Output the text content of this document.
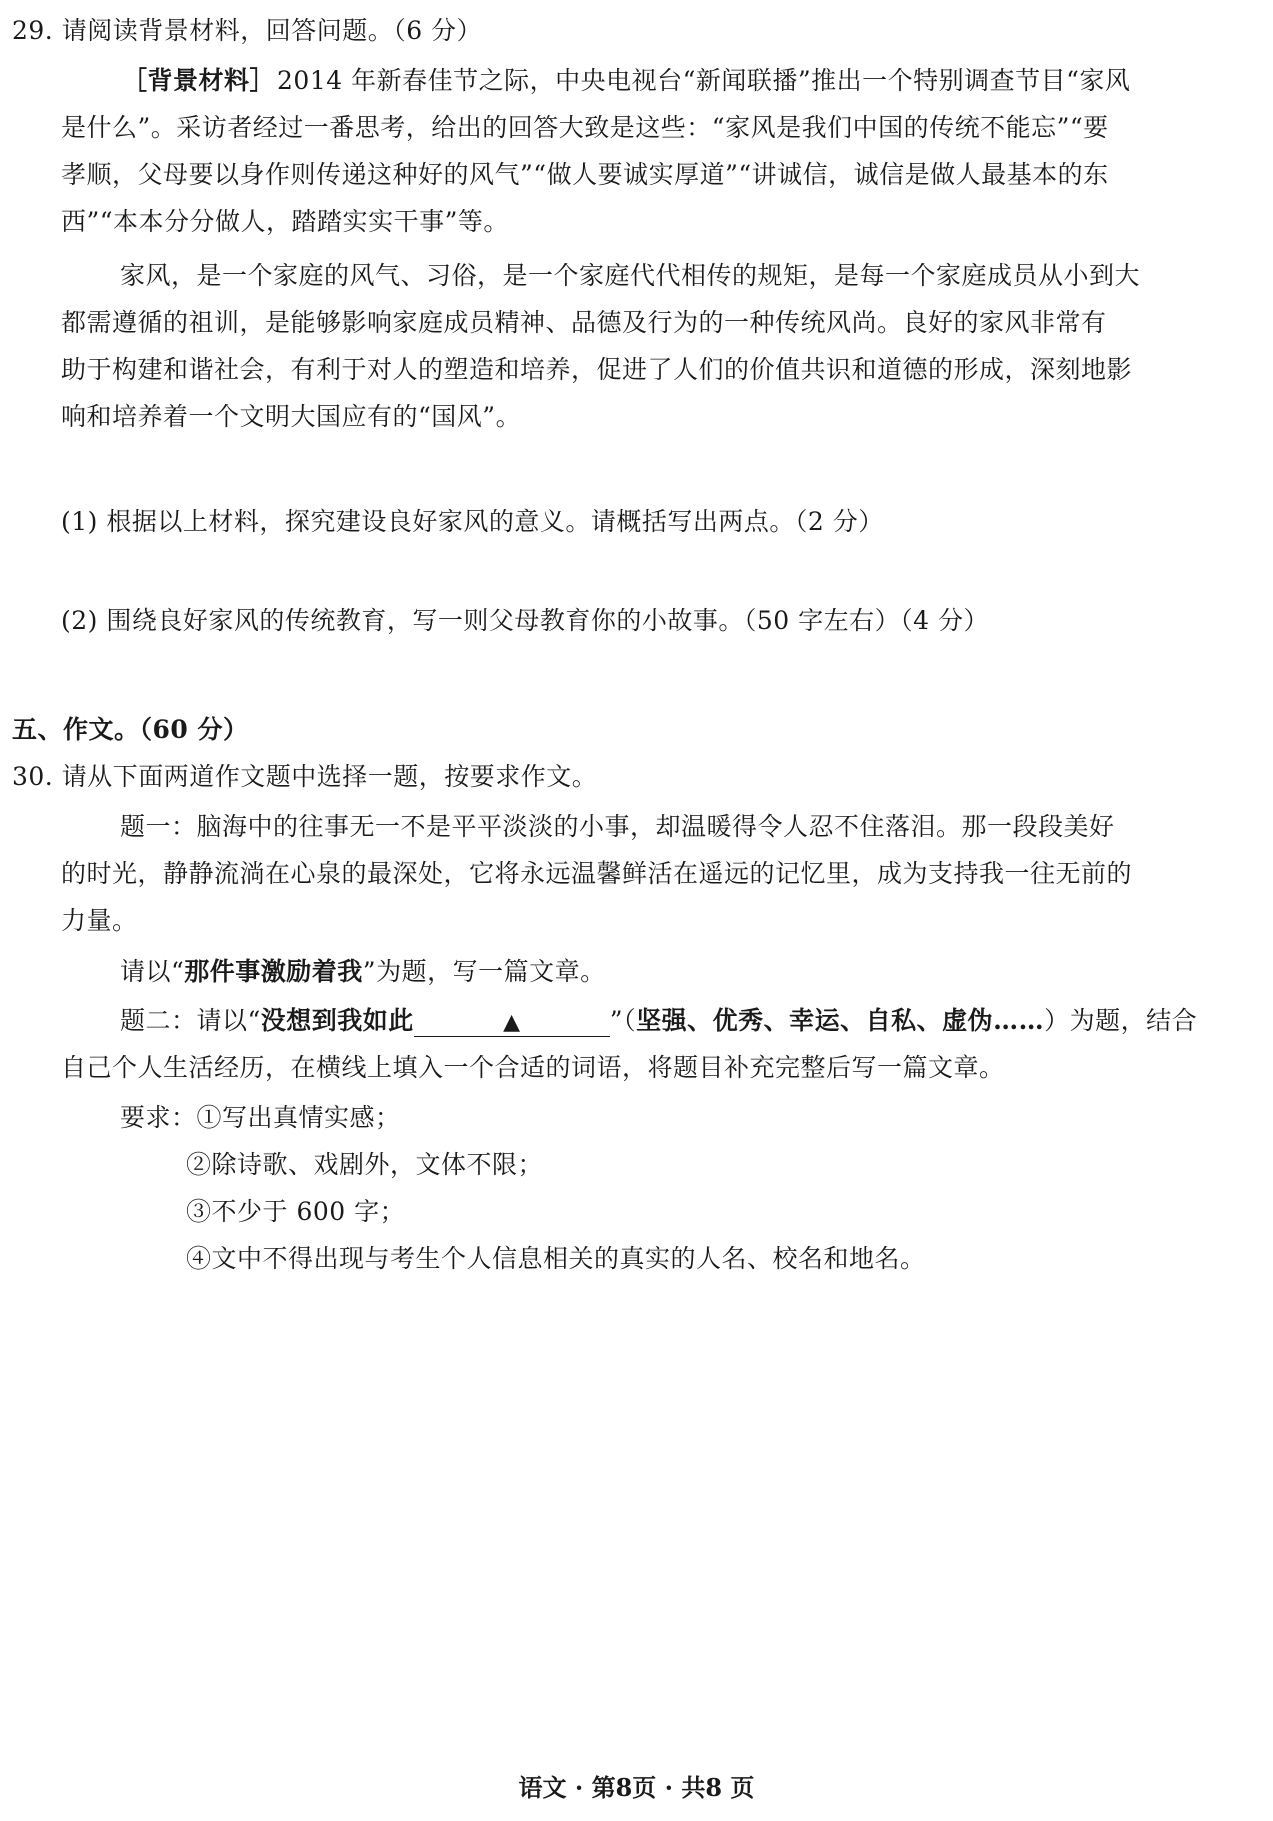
29. 请阅读背景材料，回答问题。（6 分）
［背景材料］2014 年新春佳节之际，中央电视台“新闻联播”推出一个特别调查节目“家风
是什么”。采访者经过一番思考，给出的回答大致是这些：“家风是我们中国的传统不能忘”“要
孝顺，父母要以身作则传递这种好的风气”“做人要诚实厚道”“讲诚信，诚信是做人最基本的东
西”“本本分分做人，踏踏实实干事”等。
家风，是一个家庭的风气、习俗，是一个家庭代代相传的规矩，是每一个家庭成员从小到大
都需遵循的祖训，是能够影响家庭成员精神、品德及行为的一种传统风尚。良好的家风非常有
助于构建和谐社会，有利于对人的塑造和培养，促进了人们的价值共识和道德的形成，深刻地影
响和培养着一个文明大国应有的“国风”。
(1) 根据以上材料，探究建设良好家风的意义。请概括写出两点。（2 分）
(2) 围绕良好家风的传统教育，写一则父母教育你的小故事。（50 字左右）（4 分）
五、作文。（60 分）
30. 请从下面两道作文题中选择一题，按要求作文。
题一：脑海中的往事无一不是平平淡淡的小事，却温暖得令人忍不住落泪。那一段段美好
的时光，静静流淌在心泉的最深处，它将永远温馨鲜活在遥远的记忆里，成为支持我一往无前的
力量。
请以“那件事激励着我”为题，写一篇文章。
题二：请以“没想到我如此	▲	”（坚强、优秀、幸运、自私、虚伪……）为题，结合
自己个人生活经历，在横线上填入一个合适的词语，将题目补充完整后写一篇文章。
要求：①写出真情实感；
②除诗歌、戏剧外，文体不限；
③不少于 600 字；
④文中不得出现与考生个人信息相关的真实的人名、校名和地名。
语文 · 第8页 · 共8 页
